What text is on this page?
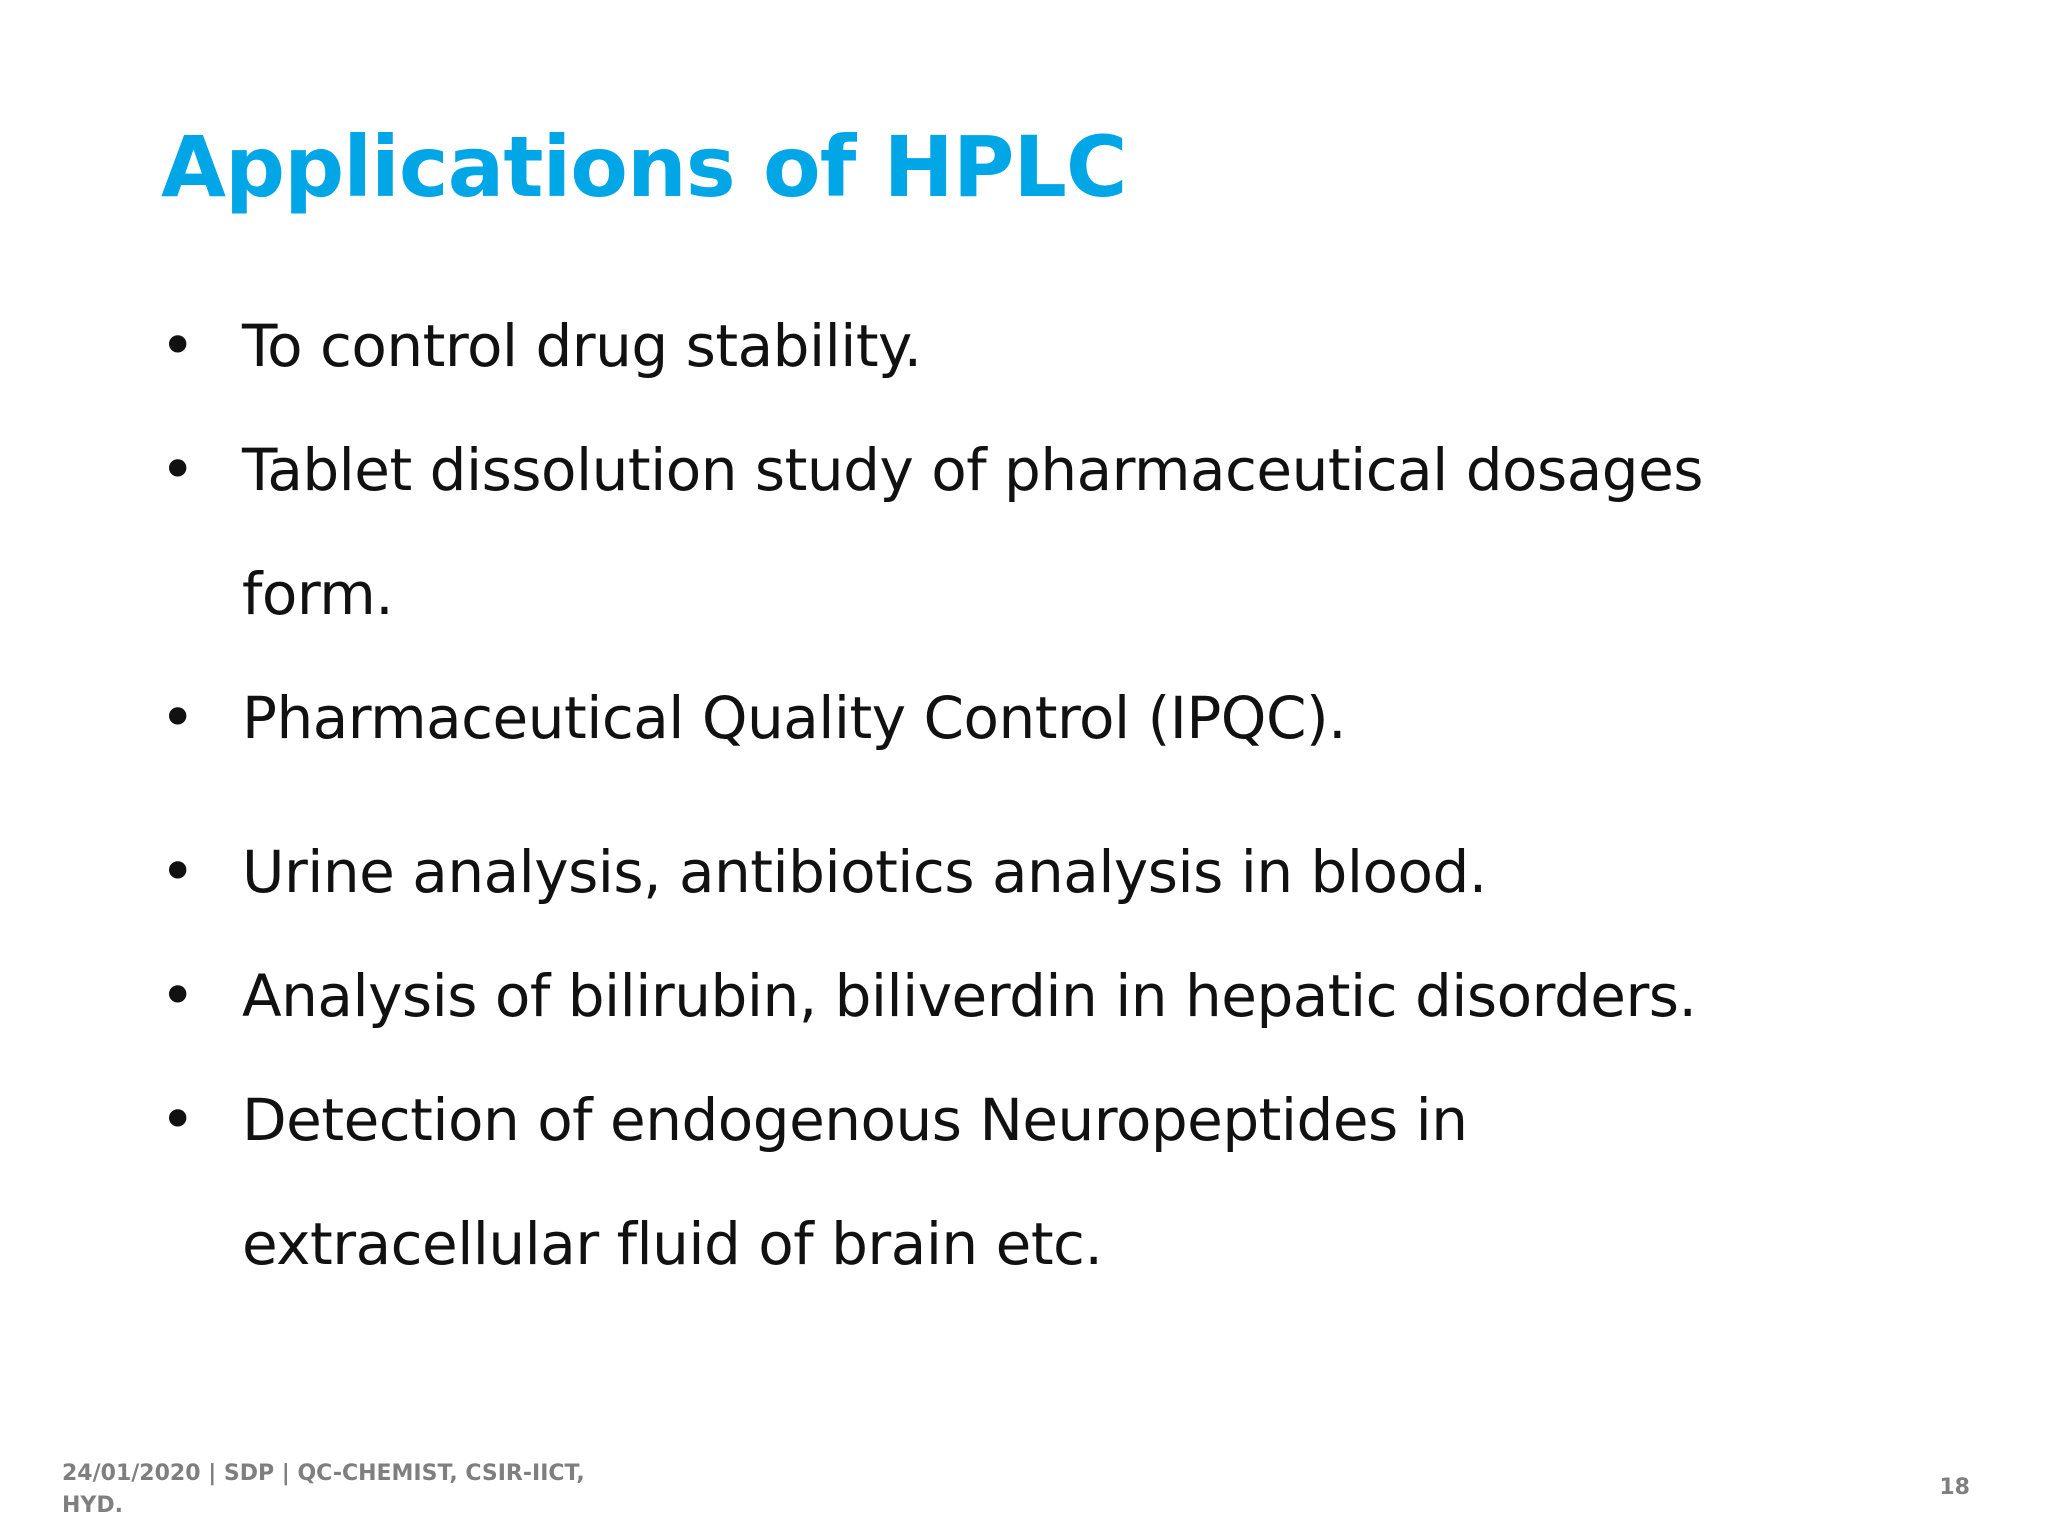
Applications of HPLC
• To control drug stability.
• Tablet dissolution study of pharmaceutical dosages
form.
• Pharmaceutical Quality Control (IPQC).
• Urine analysis, antibiotics analysis in blood.
• Analysis of bilirubin, biliverdin in hepatic disorders.
• Detection of endogenous Neuropeptides in
extracellular fluid of brain etc.
24/01/2020 | SDP | QC-CHEMIST, CSIR-IICT, HYD.
18
